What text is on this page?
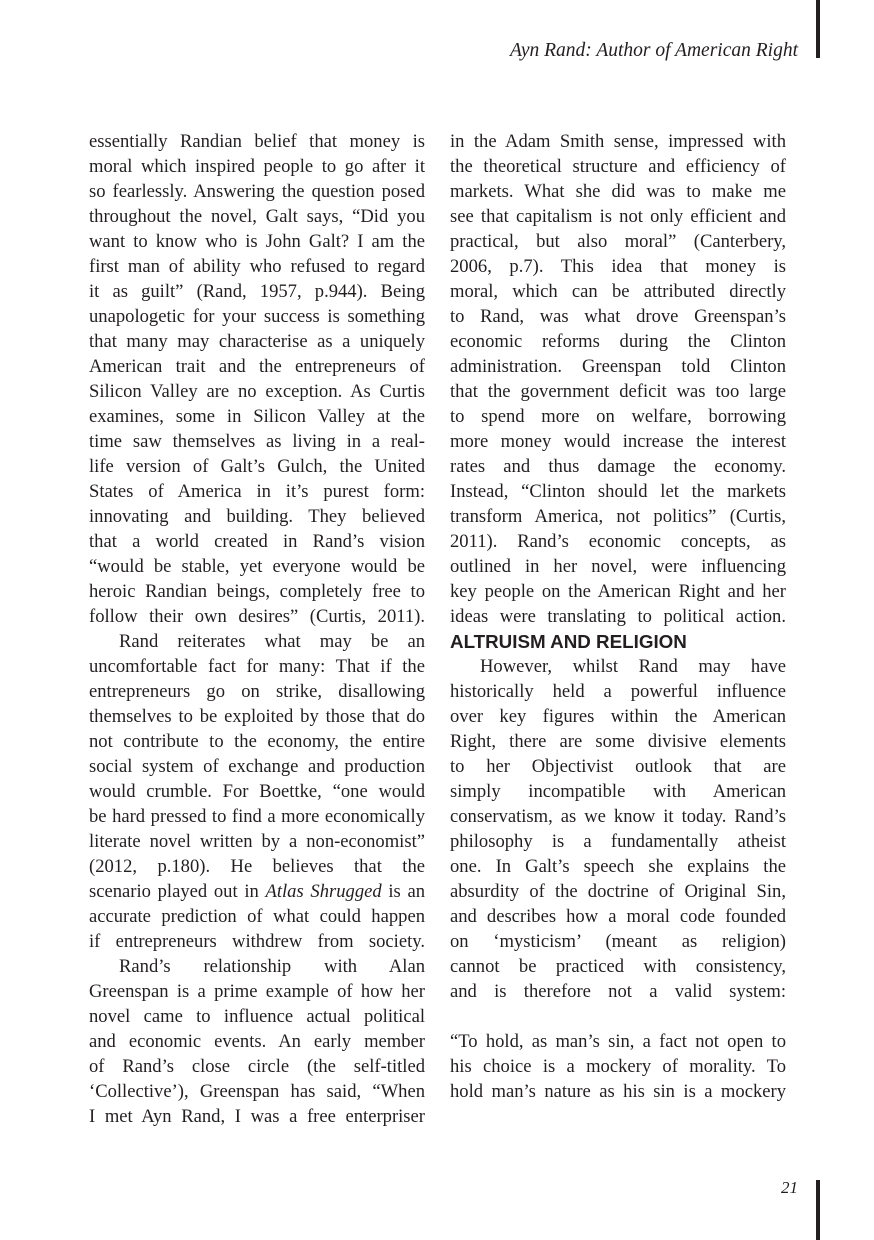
Ayn Rand: Author of American Right
essentially Randian belief that money is
moral which inspired people to go after it
so fearlessly. Answering the question posed
throughout the novel, Galt says, “Did you
want to know who is John Galt? I am the
first man of ability who refused to regard
it as guilt” (Rand, 1957, p.944). Being
unapologetic for your success is something
that many may characterise as a uniquely
American trait and the entrepreneurs of
Silicon Valley are no exception. As Curtis
examines, some in Silicon Valley at the
time saw themselves as living in a real-
life version of Galt’s Gulch, the United
States of America in it’s purest form:
innovating and building. They believed
that a world created in Rand’s vision
“would be stable, yet everyone would be
heroic Randian beings, completely free to
follow their own desires” (Curtis, 2011).
Rand reiterates what may be an
uncomfortable fact for many: That if the
entrepreneurs go on strike, disallowing
themselves to be exploited by those that do
not contribute to the economy, the entire
social system of exchange and production
would crumble. For Boettke, “one would
be hard pressed to find a more economically
literate novel written by a non-economist”
(2012, p.180). He believes that the
scenario played out in Atlas Shrugged is an
accurate prediction of what could happen
if entrepreneurs withdrew from society.
Rand’s relationship with Alan
Greenspan is a prime example of how her
novel came to influence actual political
and economic events. An early member
of Rand’s close circle (the self-titled
‘Collective’), Greenspan has said, “When
I met Ayn Rand, I was a free enterpriser
in the Adam Smith sense, impressed with
the theoretical structure and efficiency of
markets. What she did was to make me
see that capitalism is not only efficient and
practical, but also moral” (Canterbery,
2006, p.7). This idea that money is
moral, which can be attributed directly
to Rand, was what drove Greenspan’s
economic reforms during the Clinton
administration. Greenspan told Clinton
that the government deficit was too large
to spend more on welfare, borrowing
more money would increase the interest
rates and thus damage the economy.
Instead, “Clinton should let the markets
transform America, not politics” (Curtis,
2011). Rand’s economic concepts, as
outlined in her novel, were influencing
key people on the American Right and her
ideas were translating to political action.
ALTRUISM AND RELIGION
However, whilst Rand may have
historically held a powerful influence
over key figures within the American
Right, there are some divisive elements
to her Objectivist outlook that are
simply incompatible with American
conservatism, as we know it today. Rand’s
philosophy is a fundamentally atheist
one. In Galt’s speech she explains the
absurdity of the doctrine of Original Sin,
and describes how a moral code founded
on ‘mysticism’ (meant as religion)
cannot be practiced with consistency,
and is therefore not a valid system:
“To hold, as man’s sin, a fact not open to
his choice is a mockery of morality. To
hold man’s nature as his sin is a mockery
21
